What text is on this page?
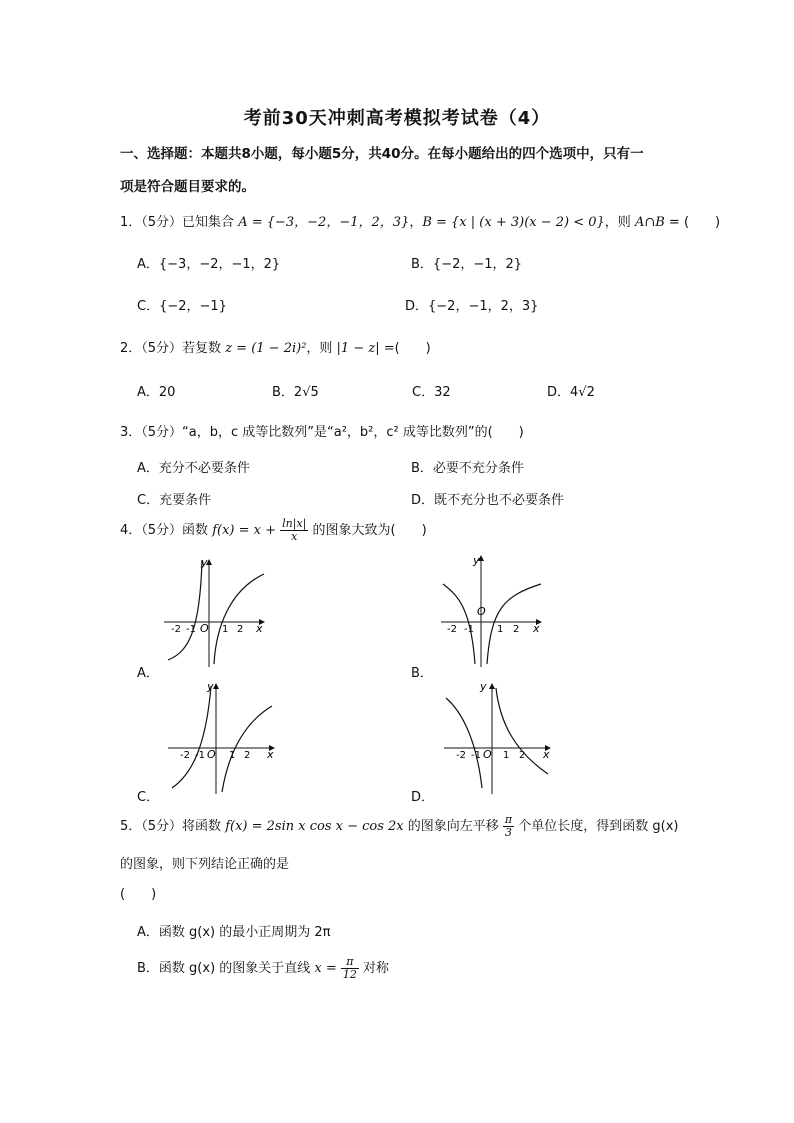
考前30天冲刺高考模拟考试卷（4）
一、选择题：本题共8小题，每小题5分，共40分。在每小题给出的四个选项中，只有一
项是符合题目要求的。
1．（5分）已知集合 A = {−3，−2，−1，2，3}，B = {x | (x + 3)(x − 2) < 0}，则 A∩B = (　　)
A．{−3，−2，−1，2}	B．{−2，−1，2}
C．{−2，−1}	D．{−2，−1，2，3}
2．（5分）若复数 z = (1 − 2i)²，则 |1 − z| =(　　)
A．20	B．2√5	C．32	D．4√2
3．（5分）“a，b，c 成等比数列”是“a²，b²，c² 成等比数列”的(　　)
A．充分不必要条件	B．必要不充分条件
C．充要条件	D．既不充分也不必要条件
4．（5分）函数 $f(x) = x + \frac{\ln|x|}{x}$ 的图象大致为(　　)
y
x
-2 -1 O 1 2
A．
y
x
-2 -1
O
1 2
B．
y
x
-2 -1 O 1 2
C．
y
x
-2 -1 O 1 2
D．
5．（5分）将函数 f(x) = 2sin x cos x − cos 2x 的图象向左平移 $\frac{\pi}{3}$ 个单位长度，得到函数 g(x)
的图象，则下列结论正确的是
(　　)
A．函数 g(x) 的最小正周期为 2π
B．函数 g(x) 的图象关于直线 $x = \frac{\pi}{12}$ 对称
